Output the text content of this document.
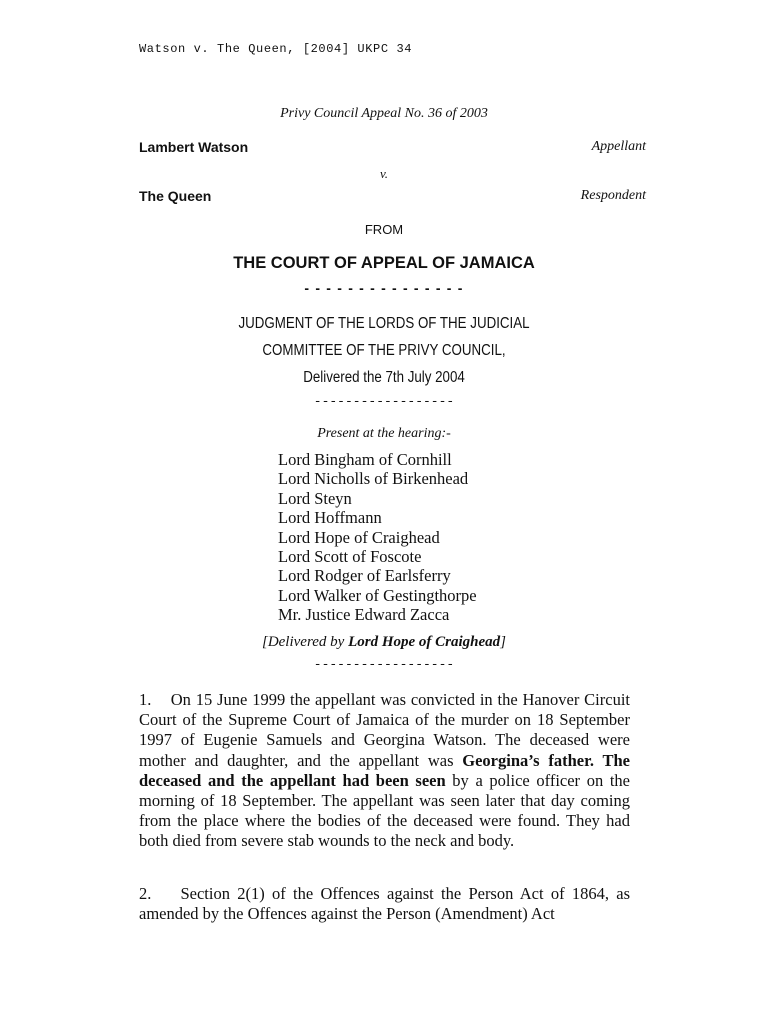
Watson v. The Queen, [2004] UKPC 34
Privy Council Appeal No. 36 of 2003
Lambert Watson	Appellant
v.
The Queen	Respondent
FROM
THE COURT OF APPEAL OF JAMAICA
- - - - - - - - - - - - - - -
JUDGMENT OF THE LORDS OF THE JUDICIAL
COMMITTEE OF THE PRIVY COUNCIL,
Delivered the 7th July 2004
------------------
Present at the hearing:-
Lord Bingham of Cornhill
Lord Nicholls of Birkenhead
Lord Steyn
Lord Hoffmann
Lord Hope of Craighead
Lord Scott of Foscote
Lord Rodger of Earlsferry
Lord Walker of Gestingthorpe
Mr. Justice Edward Zacca
[Delivered by Lord Hope of Craighead]
------------------

1.    On 15 June 1999 the appellant was convicted in the Hanover Circuit Court of the Supreme Court of Jamaica of the murder on 18 September 1997 of Eugenie Samuels and Georgina Watson. The deceased were mother and daughter, and the appellant was Georgina’s father. The deceased and the appellant had been seen by a police officer on the morning of 18 September. The appellant was seen later that day coming from the place where the bodies of the deceased were found. They had both died from severe stab wounds to the neck and body.

2.    Section 2(1) of the Offences against the Person Act of 1864, as amended by the Offences against the Person (Amendment) Act
